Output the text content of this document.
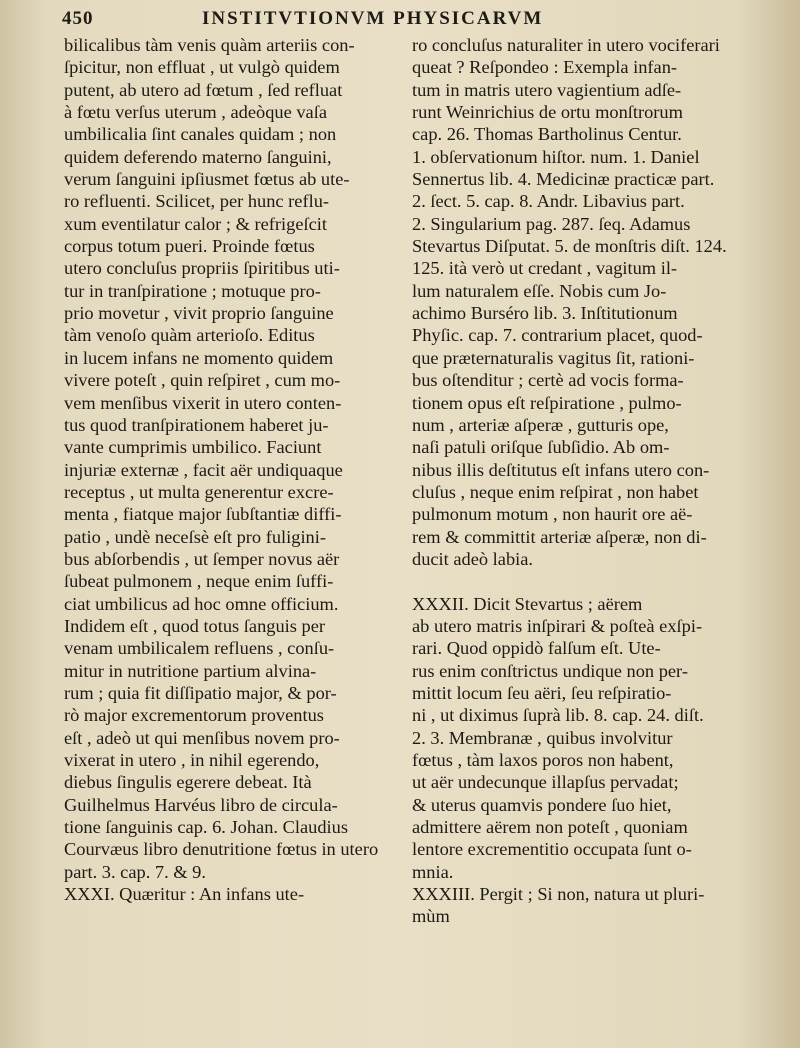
450	INSTITVTIONVM PHYSICARVM
bilicalibus tàm venis quàm arteriis con-
ſpicitur, non effluat , ut vulgò quidem
putent, ab utero ad fœtum , ſed refluat
à fœtu verſus uterum , adeòque vaſa
umbilicalia ſint canales quidam ; non
quidem deferendo materno ſanguini,
verum ſanguini ipſiusmet fœtus ab ute-
ro refluenti. Scilicet, per hunc reflu-
xum eventilatur calor ; & refrigeſcit
corpus totum pueri. Proinde fœtus
utero concluſus propriis ſpiritibus uti-
tur in tranſpiratione ; motuque pro-
prio movetur , vivit proprio ſanguine
tàm venoſo quàm arterioſo. Editus
in lucem infans ne momento quidem
vivere poteſt , quin reſpiret , cum mo-
vem menſibus vixerit in utero conten-
tus quod tranſpirationem haberet ju-
vante cumprimis umbilico. Faciunt
injuriæ externæ , facit aër undiquaque
receptus , ut multa generentur excre-
menta , fiatque major ſubſtantiæ diffi-
patio , undè neceſsè eſt pro fuligini-
bus abſorbendis , ut ſemper novus aër
ſubeat pulmonem , neque enim ſuffi-
ciat umbilicus ad hoc omne officium.
Indidem eſt , quod totus ſanguis per
venam umbilicalem refluens , conſu-
mitur in nutritione partium alvina-
rum ; quia fit diſſipatio major, & por-
rò major excrementorum proventus
eſt , adeò ut qui menſibus novem pro-
vixerat in utero , in nihil egerendo,
diebus ſingulis egerere debeat. Ità
Guilhelmus Harvéus libro de circula-
tione ſanguinis cap. 6. Johan. Claudius
Courvæus libro denutritione fœtus in utero
part. 3. cap. 7. & 9.
XXXI. Quæritur : An infans ute-
ro concluſus naturaliter in utero vociferari
queat ? Reſpondeo : Exempla infan-
tum in matris utero vagientium adſe-
runt Weinrichius de ortu monſtrorum
cap. 26. Thomas Bartholinus Centur.
1. obſervationum hiſtor. num. 1. Daniel
Sennertus lib. 4. Medicinæ practicæ part.
2. ſect. 5. cap. 8. Andr. Libavius part.
2. Singularium pag. 287. ſeq. Adamus
Stevartus Diſputat. 5. de monſtris diſt. 124.
125. ità verò ut credant , vagitum il-
lum naturalem eſſe. Nobis cum Jo-
achimo Burséro lib. 3. Inſtitutionum
Phyſic. cap. 7. contrarium placet, quod-
que præternaturalis vagitus ſit, rationi-
bus oſtenditur ; certè ad vocis forma-
tionem opus eſt reſpiratione , pulmo-
num , arteriæ aſperæ , gutturis ope,
naſi patuli oriſque ſubſidio. Ab om-
nibus illis deſtitutus eſt infans utero con-
cluſus , neque enim reſpirat , non habet
pulmonum motum , non haurit ore aë-
rem & committit arteriæ aſperæ, non di-
ducit adeò labia.
XXXII. Dicit Stevartus ; aërem
ab utero matris inſpirari & poſteà exſpi-
rari. Quod oppidò falſum eſt. Ute-
rus enim conſtrictus undique non per-
mittit locum ſeu aëri, ſeu reſpiratio-
ni , ut diximus ſuprà lib. 8. cap. 24. diſt.
2. 3. Membranæ , quibus involvitur
fœtus , tàm laxos poros non habent,
ut aër undecunque illapſus pervadat;
& uterus quamvis pondere ſuo hiet,
admittere aërem non poteſt , quoniam
lentore excrementitio occupata ſunt o-
mnia.
XXXIII. Pergit ; Si non, natura ut pluri-
mùm
